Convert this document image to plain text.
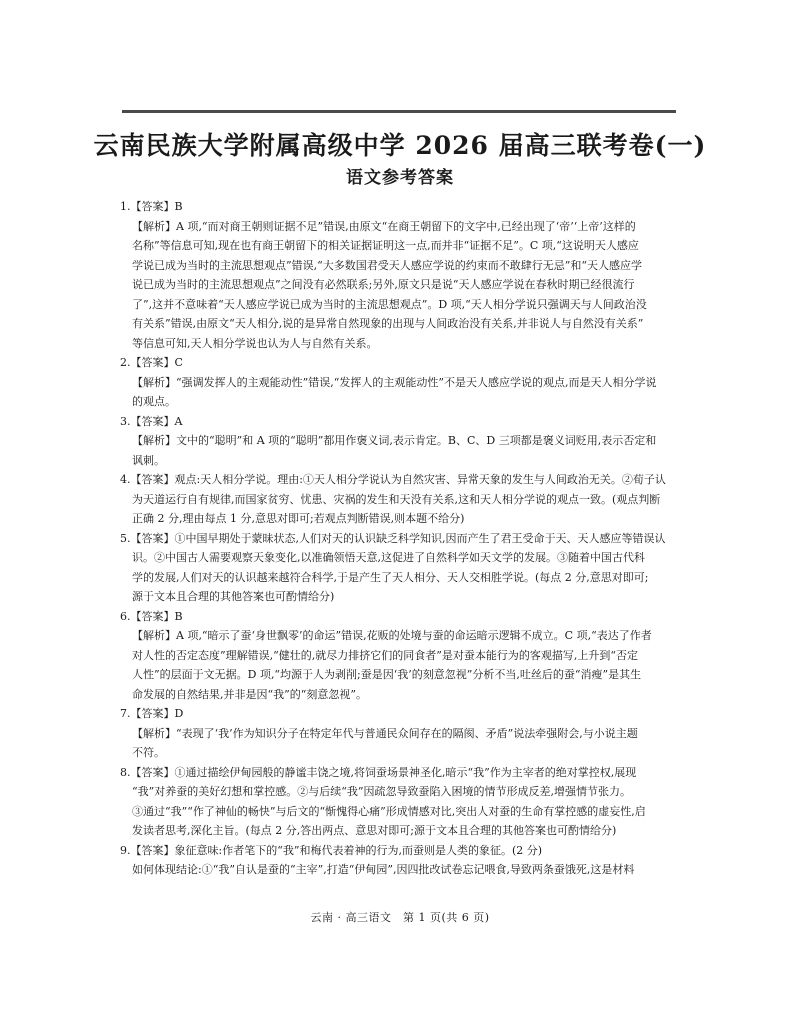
云南民族大学附属高级中学 2026 届高三联考卷(一)
语文参考答案
1.【答案】B
【解析】A 项,“而对商王朝则证据不足”错误,由原文“在商王朝留下的文字中,已经出现了‘帝’‘上帝’这样的
名称”等信息可知,现在也有商王朝留下的相关证据证明这一点,而并非“证据不足”。C 项,“这说明天人感应
学说已成为当时的主流思想观点”错误,“大多数国君受天人感应学说的约束而不敢肆行无忌”和“天人感应学
说已成为当时的主流思想观点”之间没有必然联系;另外,原文只是说“天人感应学说在春秋时期已经很流行
了”,这并不意味着“天人感应学说已成为当时的主流思想观点”。D 项,“天人相分学说只强调天与人间政治没
有关系”错误,由原文“天人相分,说的是异常自然现象的出现与人间政治没有关系,并非说人与自然没有关系”
等信息可知,天人相分学说也认为人与自然有关系。
2.【答案】C
【解析】“强调发挥人的主观能动性”错误,“发挥人的主观能动性”不是天人感应学说的观点,而是天人相分学说
的观点。
3.【答案】A
【解析】文中的“聪明”和 A 项的“聪明”都用作褒义词,表示肯定。B、C、D 三项都是褒义词贬用,表示否定和
讽刺。
4.【答案】观点:天人相分学说。理由:①天人相分学说认为自然灾害、异常天象的发生与人间政治无关。②荀子认
为天道运行自有规律,而国家贫穷、忧患、灾祸的发生和天没有关系,这和天人相分学说的观点一致。(观点判断
正确 2 分,理由每点 1 分,意思对即可;若观点判断错误,则本题不给分)
5.【答案】①中国早期处于蒙昧状态,人们对天的认识缺乏科学知识,因而产生了君王受命于天、天人感应等错误认
识。②中国古人需要观察天象变化,以准确领悟天意,这促进了自然科学如天文学的发展。③随着中国古代科
学的发展,人们对天的认识越来越符合科学,于是产生了天人相分、天人交相胜学说。(每点 2 分,意思对即可;
源于文本且合理的其他答案也可酌情给分)
6.【答案】B
【解析】A 项,“暗示了蚕‘身世飘零’的命运”错误,花贩的处境与蚕的命运暗示逻辑不成立。C 项,“表达了作者
对人性的否定态度”理解错误,“健壮的,就尽力排挤它们的同食者”是对蚕本能行为的客观描写,上升到“否定
人性”的层面于文无据。D 项,“均源于人为剥削;蚕是因‘我’的刻意忽视”分析不当,吐丝后的蚕“消瘦”是其生
命发展的自然结果,并非是因“我”的“刻意忽视”。
7.【答案】D
【解析】“表现了‘我’作为知识分子在特定年代与普通民众间存在的隔阂、矛盾”说法牵强附会,与小说主题
不符。
8.【答案】①通过描绘伊甸园般的静谧丰饶之境,将饲蚕场景神圣化,暗示“我”作为主宰者的绝对掌控权,展现
“我”对养蚕的美好幻想和掌控感。②与后续“我”因疏忽导致蚕陷入困境的情节形成反差,增强情节张力。
③通过“我”“作了神仙的畅快”与后文的“惭愧得心痛”形成情感对比,突出人对蚕的生命有掌控感的虚妄性,启
发读者思考,深化主旨。(每点 2 分,答出两点、意思对即可;源于文本且合理的其他答案也可酌情给分)
9.【答案】象征意味:作者笔下的“我”和梅代表着神的行为,而蚕则是人类的象征。(2 分)
如何体现结论:①“我”自认是蚕的“主宰”,打造“伊甸园”,因四批改试卷忘记喂食,导致两条蚕饿死,这是材料
云南 · 高三语文　第 1 页(共 6 页)
